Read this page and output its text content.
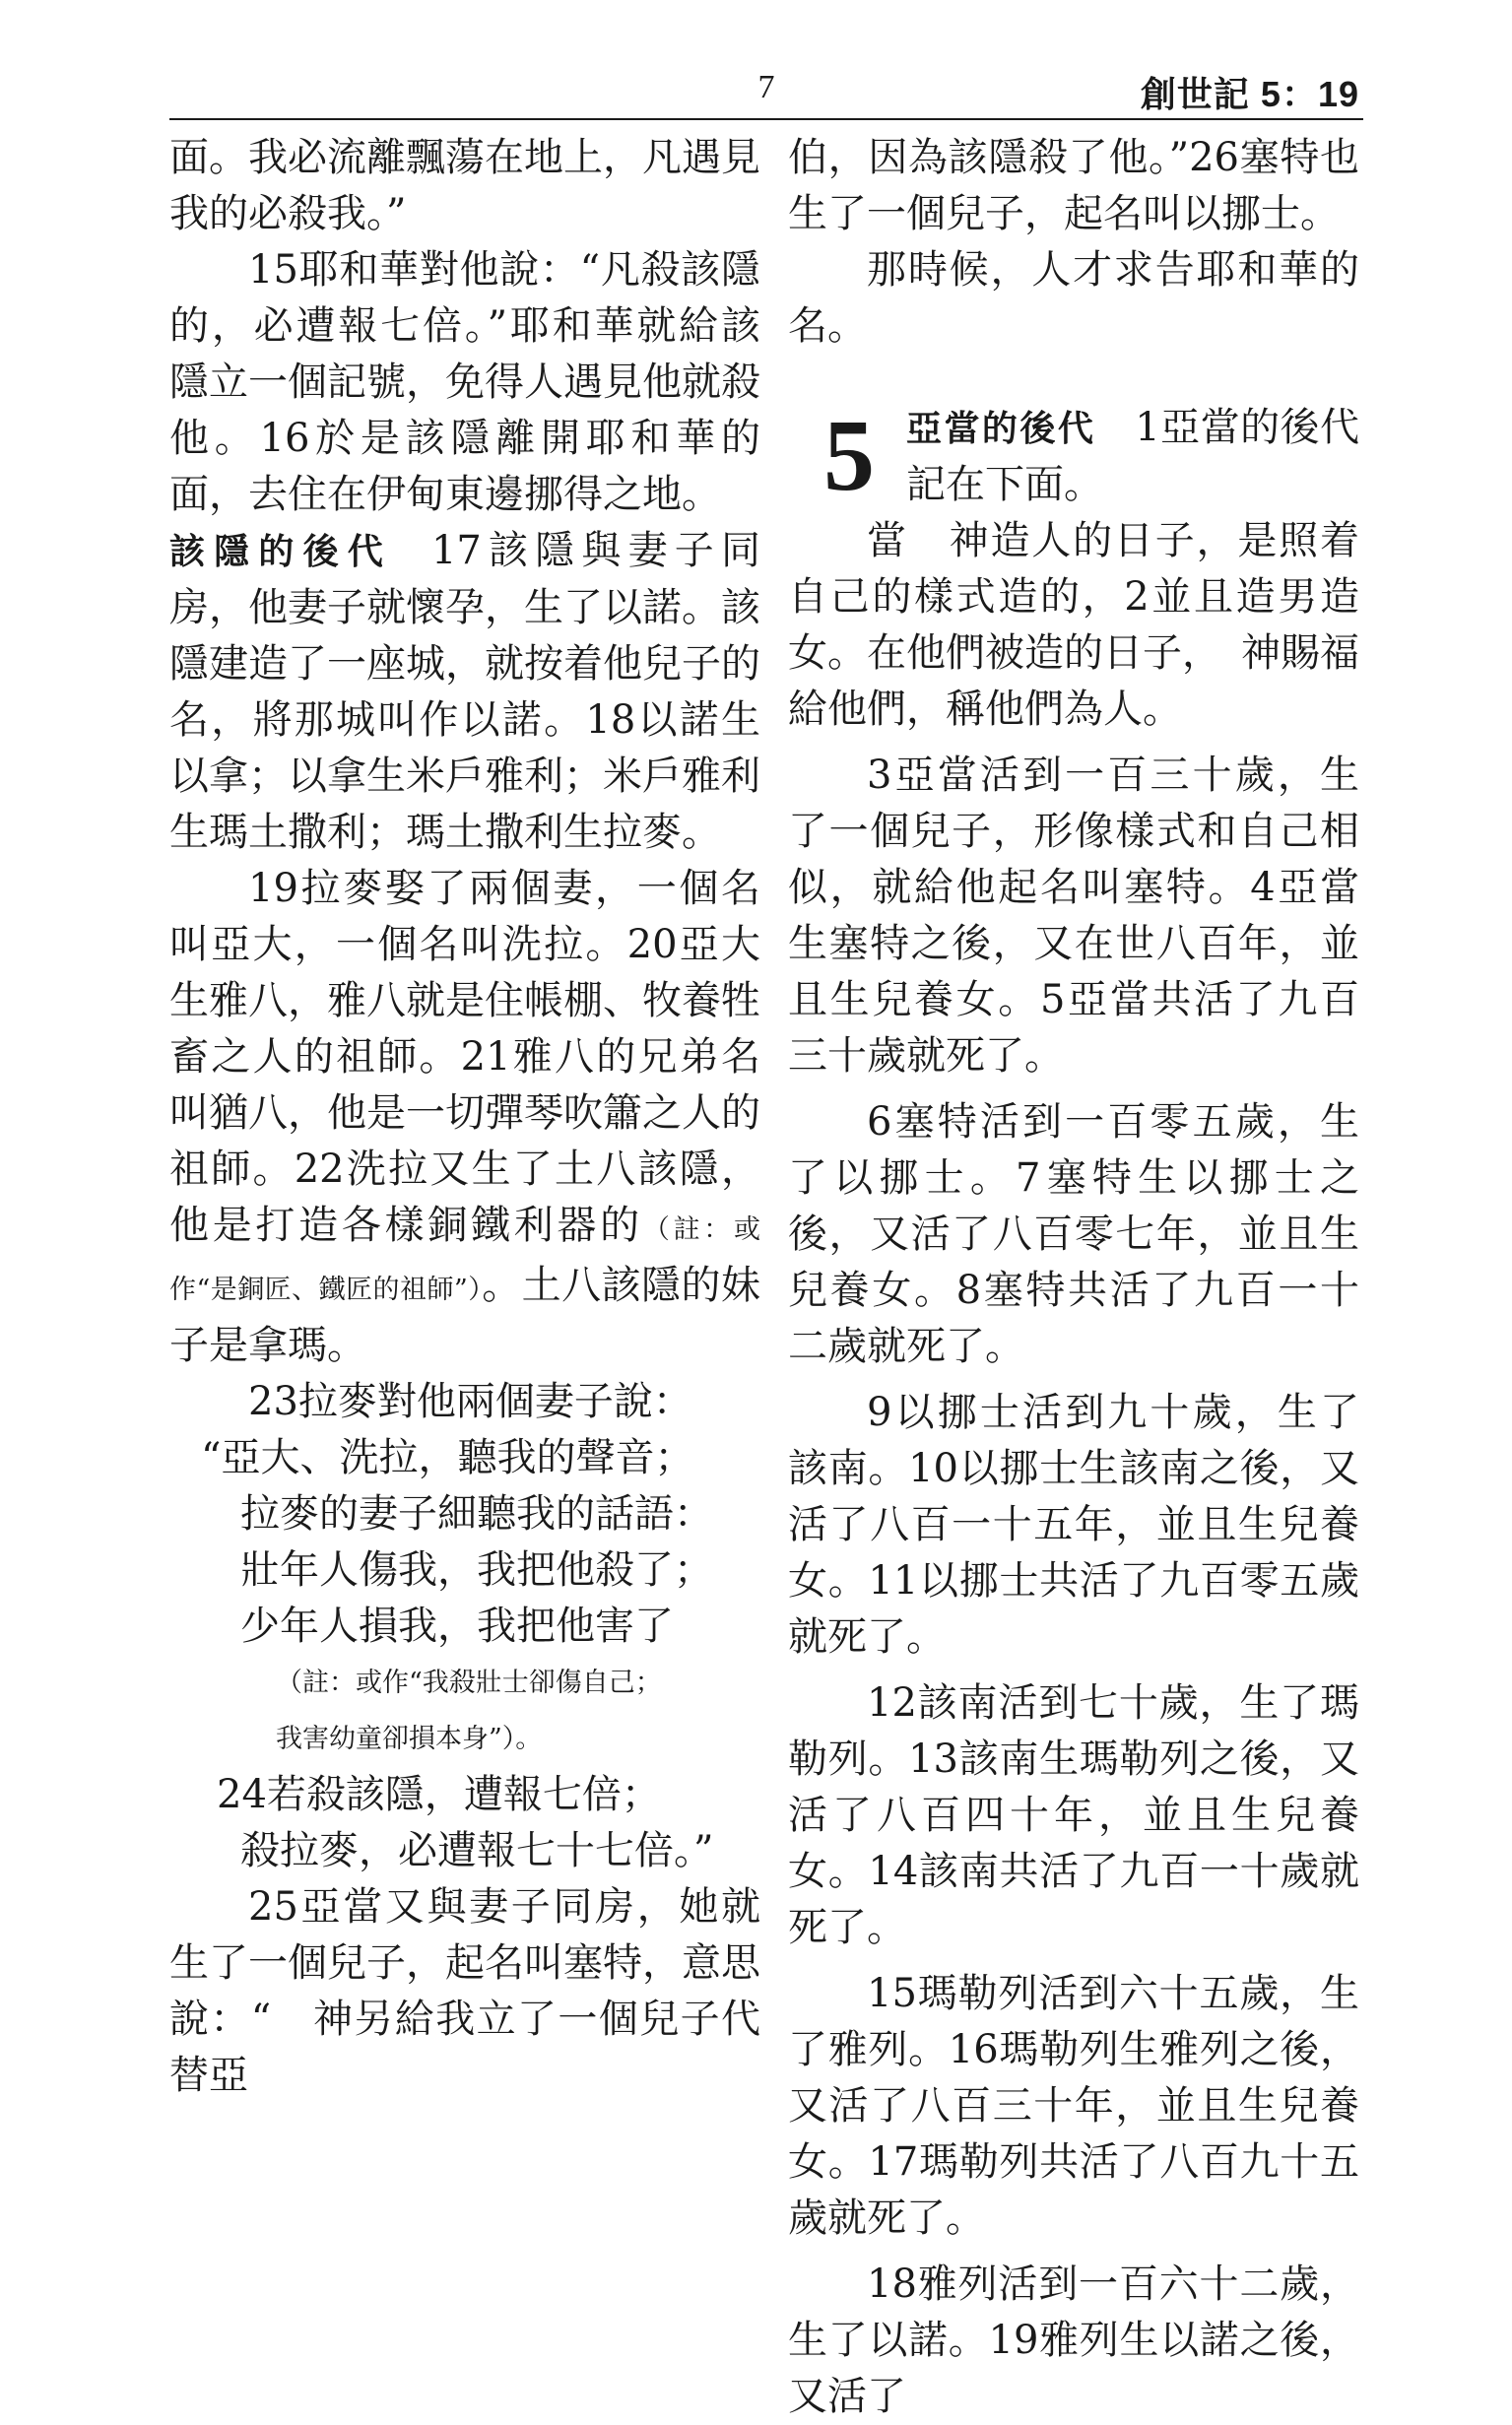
7	創世記 5：19

面。我必流離飄蕩在地上，凡遇見我的必殺我。”

15耶和華對他說：“凡殺該隱的，必遭報七倍。”耶和華就給該隱立一個記號，免得人遇見他就殺他。16於是該隱離開耶和華的面，去住在伊甸東邊挪得之地。

該隱的後代 17該隱與妻子同房，他妻子就懷孕，生了以諾。該隱建造了一座城，就按着他兒子的名，將那城叫作以諾。18以諾生以拿；以拿生米戶雅利；米戶雅利生瑪土撒利；瑪土撒利生拉麥。

19拉麥娶了兩個妻，一個名叫亞大，一個名叫洗拉。20亞大生雅八，雅八就是住帳棚、牧養牲畜之人的祖師。21雅八的兄弟名叫猶八，他是一切彈琴吹簫之人的祖師。22洗拉又生了土八該隱，他是打造各樣銅鐵利器的（註：或作“是銅匠、鐵匠的祖師”）。土八該隱的妹子是拿瑪。

23拉麥對他兩個妻子說：

“亞大、洗拉，聽我的聲音；

拉麥的妻子細聽我的話語：

壯年人傷我，我把他殺了；

少年人損我，我把他害了

（註：或作“我殺壯士卻傷自己；

我害幼童卻損本身”）。

24若殺該隱，遭報七倍；

殺拉麥，必遭報七十七倍。”

25亞當又與妻子同房，她就生了一個兒子，起名叫塞特，意思說：“　神另給我立了一個兒子代替亞

伯，因為該隱殺了他。”26塞特也生了一個兒子，起名叫以挪士。

那時候，人才求告耶和華的名。

5 亞當的後代 1亞當的後代記在下面。

當　神造人的日子，是照着自己的樣式造的，2並且造男造女。在他們被造的日子，　神賜福給他們，稱他們為人。

3亞當活到一百三十歲，生了一個兒子，形像樣式和自己相似，就給他起名叫塞特。4亞當生塞特之後，又在世八百年，並且生兒養女。5亞當共活了九百三十歲就死了。

6塞特活到一百零五歲，生了以挪士。7塞特生以挪士之後，又活了八百零七年，並且生兒養女。8塞特共活了九百一十二歲就死了。

9以挪士活到九十歲，生了該南。10以挪士生該南之後，又活了八百一十五年，並且生兒養女。11以挪士共活了九百零五歲就死了。

12該南活到七十歲，生了瑪勒列。13該南生瑪勒列之後，又活了八百四十年，並且生兒養女。14該南共活了九百一十歲就死了。

15瑪勒列活到六十五歲，生了雅列。16瑪勒列生雅列之後，又活了八百三十年，並且生兒養女。17瑪勒列共活了八百九十五歲就死了。

18雅列活到一百六十二歲，生了以諾。19雅列生以諾之後，又活了
